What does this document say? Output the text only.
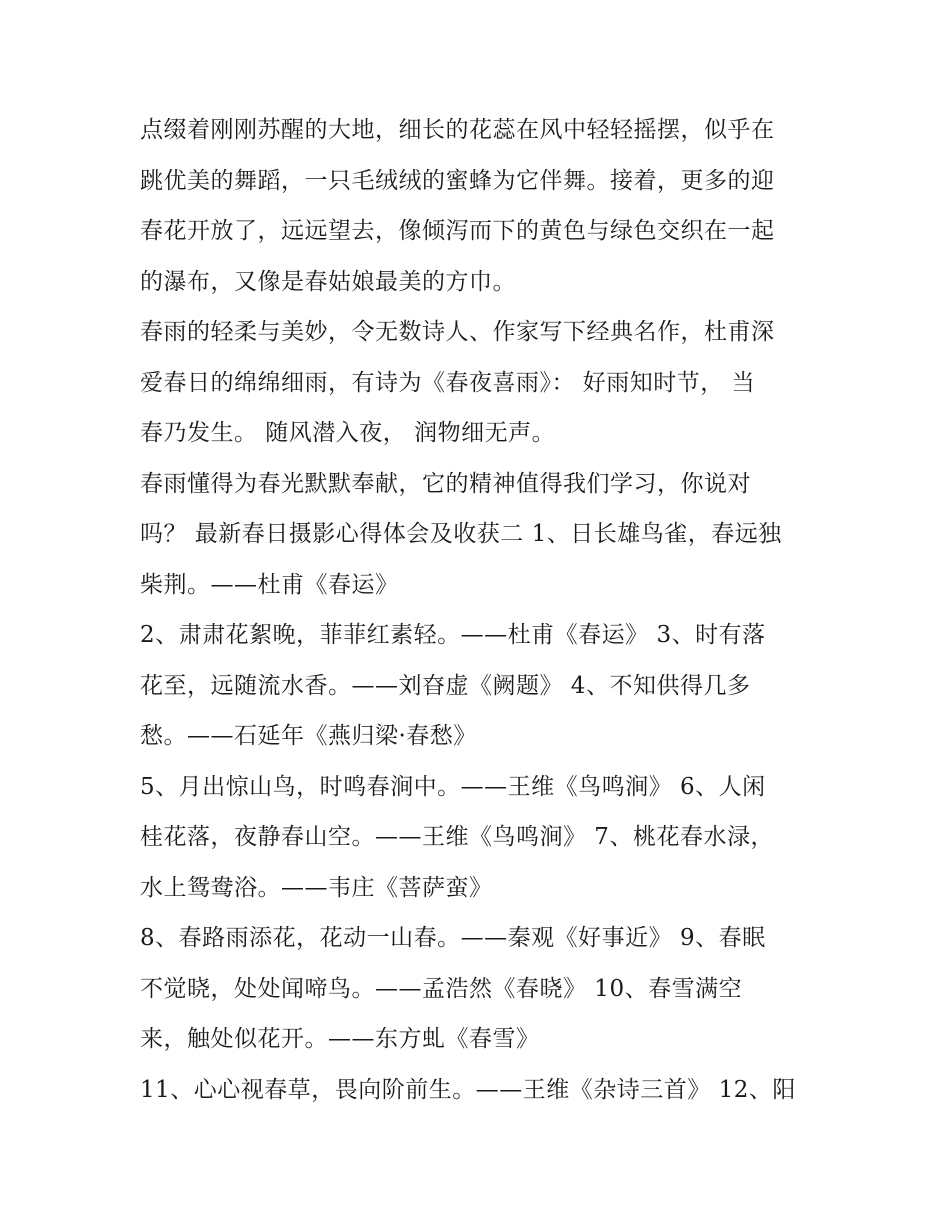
点缀着刚刚苏醒的大地，细长的花蕊在风中轻轻摇摆，似乎在
跳优美的舞蹈，一只毛绒绒的蜜蜂为它伴舞。接着，更多的迎
春花开放了，远远望去，像倾泻而下的黄色与绿色交织在一起
的瀑布，又像是春姑娘最美的方巾。
春雨的轻柔与美妙，令无数诗人、作家写下经典名作，杜甫深
爱春日的绵绵细雨，有诗为《春夜喜雨》： 好雨知时节， 当
春乃发生。 随风潜入夜， 润物细无声。
春雨懂得为春光默默奉献，它的精神值得我们学习，你说对
吗？ 最新春日摄影心得体会及收获二 1、日长雄鸟雀，春远独
柴荆。——杜甫《春运》
2、肃肃花絮晚，菲菲红素轻。——杜甫《春运》 3、时有落
花至，远随流水香。——刘昚虚《阙题》 4、不知供得几多
愁。——石延年《燕归梁·春愁》
5、月出惊山鸟，时鸣春涧中。——王维《鸟鸣涧》 6、人闲
桂花落，夜静春山空。——王维《鸟鸣涧》 7、桃花春水渌，
水上鸳鸯浴。——韦庄《菩萨蛮》
8、春路雨添花，花动一山春。——秦观《好事近》 9、春眠
不觉晓，处处闻啼鸟。——孟浩然《春晓》 10、春雪满空
来，触处似花开。——东方虬《春雪》
11、心心视春草，畏向阶前生。——王维《杂诗三首》 12、阳
